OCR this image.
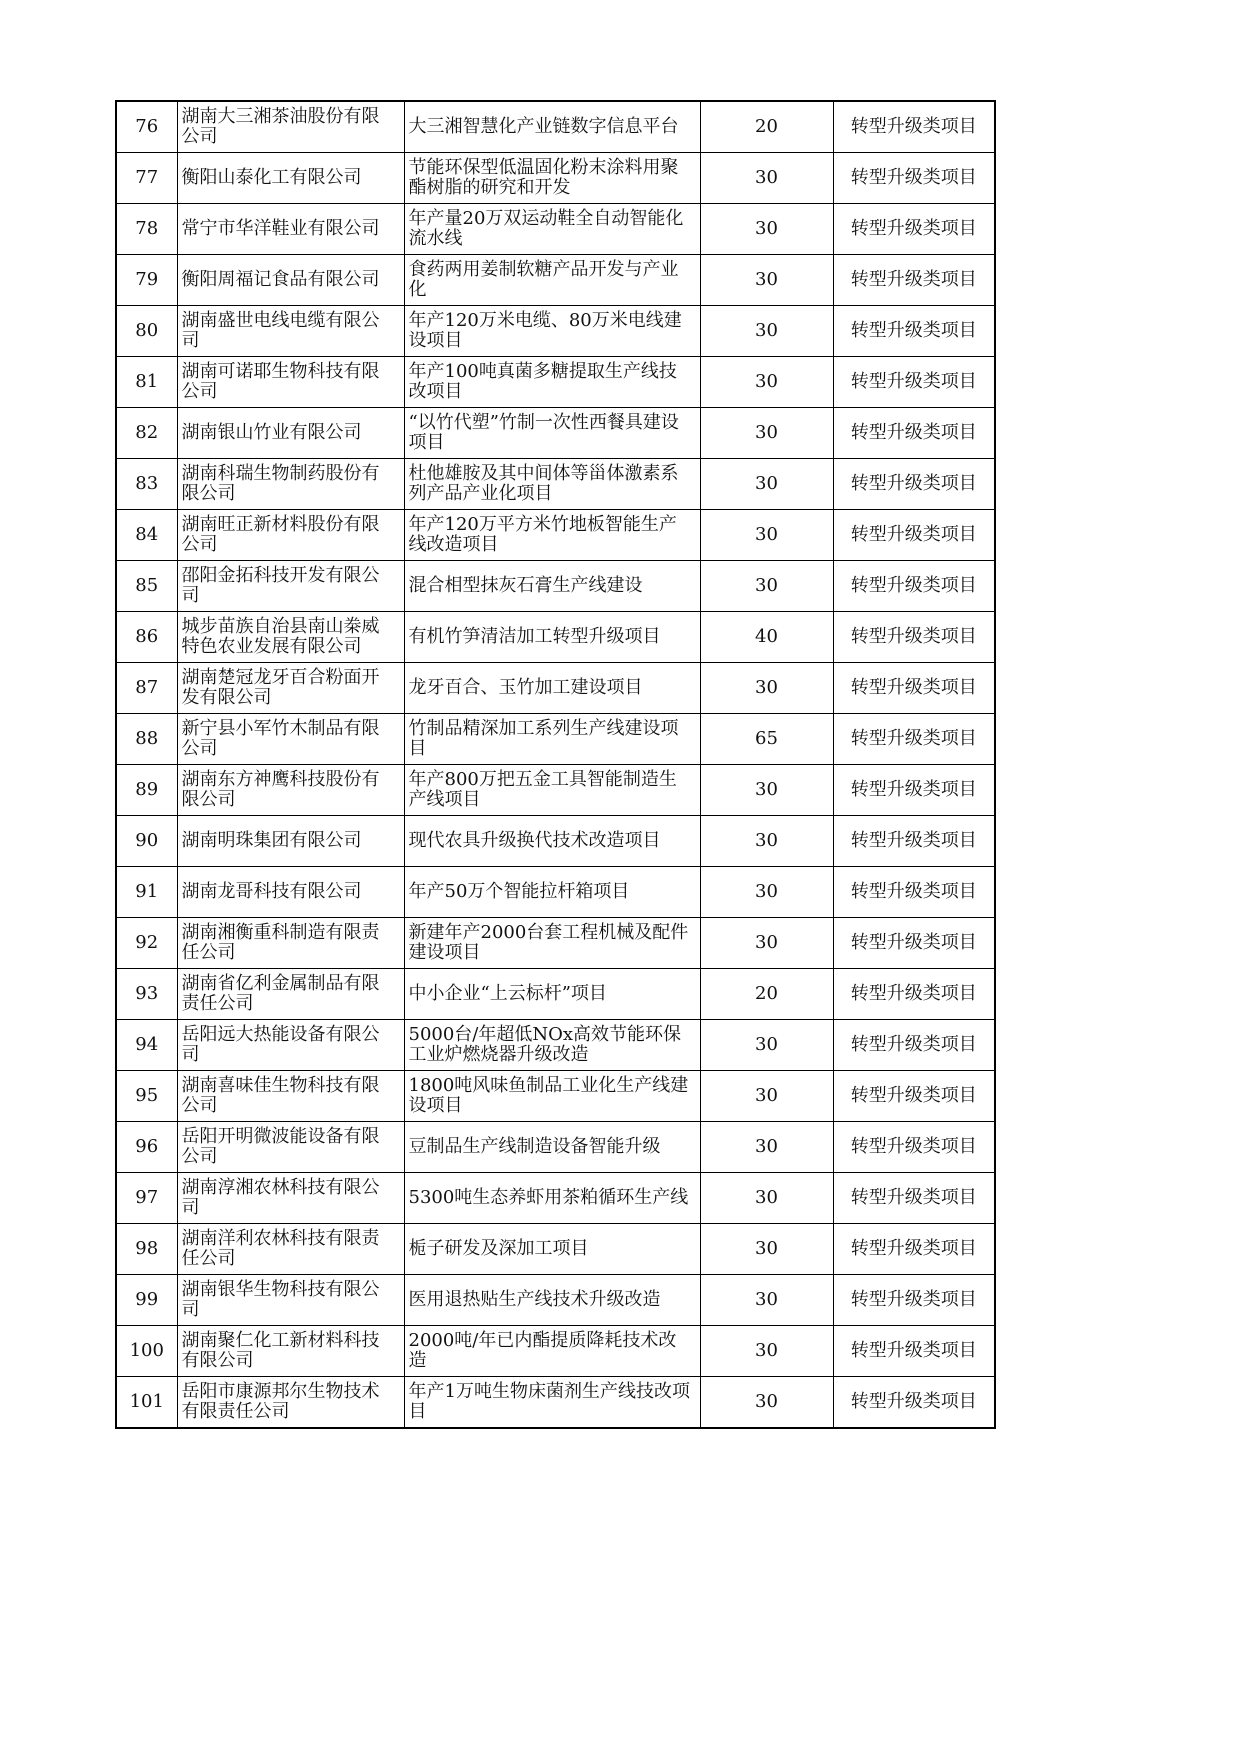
76	湖南大三湘茶油股份有限公司	大三湘智慧化产业链数字信息平台	20	转型升级类项目
77	衡阳山泰化工有限公司	节能环保型低温固化粉末涂料用聚酯树脂的研究和开发	30	转型升级类项目
78	常宁市华洋鞋业有限公司	年产量20万双运动鞋全自动智能化流水线	30	转型升级类项目
79	衡阳周福记食品有限公司	食药两用姜制软糖产品开发与产业化	30	转型升级类项目
80	湖南盛世电线电缆有限公司	年产120万米电缆、80万米电线建设项目	30	转型升级类项目
81	湖南可诺耶生物科技有限公司	年产100吨真菌多糖提取生产线技改项目	30	转型升级类项目
82	湖南银山竹业有限公司	“以竹代塑”竹制一次性西餐具建设项目	30	转型升级类项目
83	湖南科瑞生物制药股份有限公司	杜他雄胺及其中间体等甾体激素系列产品产业化项目	30	转型升级类项目
84	湖南旺正新材料股份有限公司	年产120万平方米竹地板智能生产线改造项目	30	转型升级类项目
85	邵阳金拓科技开发有限公司	混合相型抹灰石膏生产线建设	30	转型升级类项目
86	城步苗族自治县南山桊威特色农业发展有限公司	有机竹笋清洁加工转型升级项目	40	转型升级类项目
87	湖南楚冠龙牙百合粉面开发有限公司	龙牙百合、玉竹加工建设项目	30	转型升级类项目
88	新宁县小军竹木制品有限公司	竹制品精深加工系列生产线建设项目	65	转型升级类项目
89	湖南东方神鹰科技股份有限公司	年产800万把五金工具智能制造生产线项目	30	转型升级类项目
90	湖南明珠集团有限公司	现代农具升级换代技术改造项目	30	转型升级类项目
91	湖南龙哥科技有限公司	年产50万个智能拉杆箱项目	30	转型升级类项目
92	湖南湘衡重科制造有限责任公司	新建年产2000台套工程机械及配件建设项目	30	转型升级类项目
93	湖南省亿利金属制品有限责任公司	中小企业“上云标杆”项目	20	转型升级类项目
94	岳阳远大热能设备有限公司	5000台/年超低NOx高效节能环保工业炉燃烧器升级改造	30	转型升级类项目
95	湖南喜味佳生物科技有限公司	1800吨风味鱼制品工业化生产线建设项目	30	转型升级类项目
96	岳阳开明微波能设备有限公司	豆制品生产线制造设备智能升级	30	转型升级类项目
97	湖南淳湘农林科技有限公司	5300吨生态养虾用茶粕循环生产线	30	转型升级类项目
98	湖南洋利农林科技有限责任公司	栀子研发及深加工项目	30	转型升级类项目
99	湖南银华生物科技有限公司	医用退热贴生产线技术升级改造	30	转型升级类项目
100	湖南聚仁化工新材料科技有限公司	2000吨/年已内酯提质降耗技术改造	30	转型升级类项目
101	岳阳市康源邦尔生物技术有限责任公司	年产1万吨生物床菌剂生产线技改项目	30	转型升级类项目
